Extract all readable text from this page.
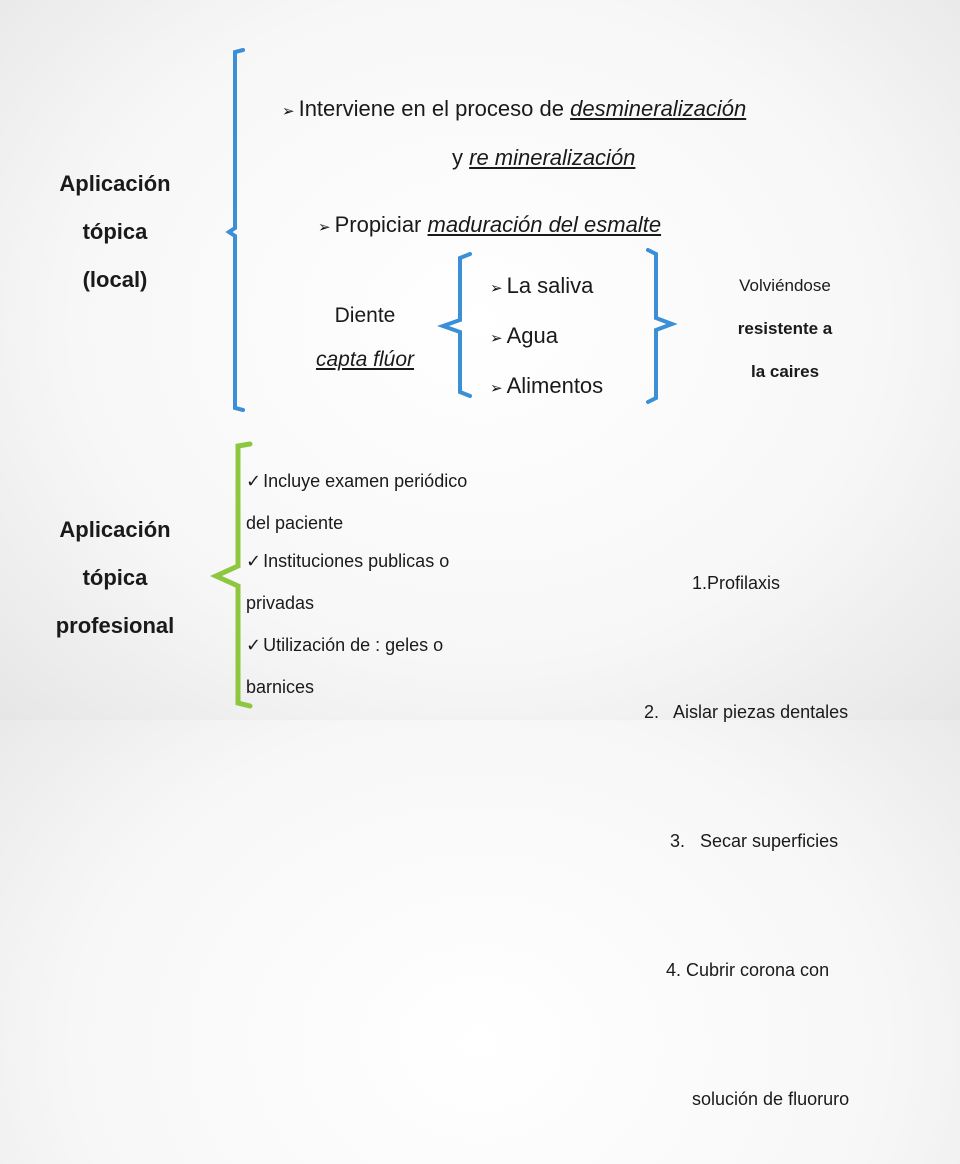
Aplicación
tópica
(local)
➢ Interviene en el proceso de desmineralización
y re mineralización
➢ Propiciar maduración del esmalte
Diente
capta flúor
➢ La saliva
➢ Agua
➢ Alimentos
Volviéndose
resistente a
la caires
Aplicación
tópica
profesional
✓ Incluye examen periódico
del paciente
✓ Instituciones publicas o
privadas
✓ Utilización de : geles o
barnices

1.Profilaxis

2.   Aislar piezas dentales

3.   Secar superficies

4. Cubrir corona con

solución de fluoruro
